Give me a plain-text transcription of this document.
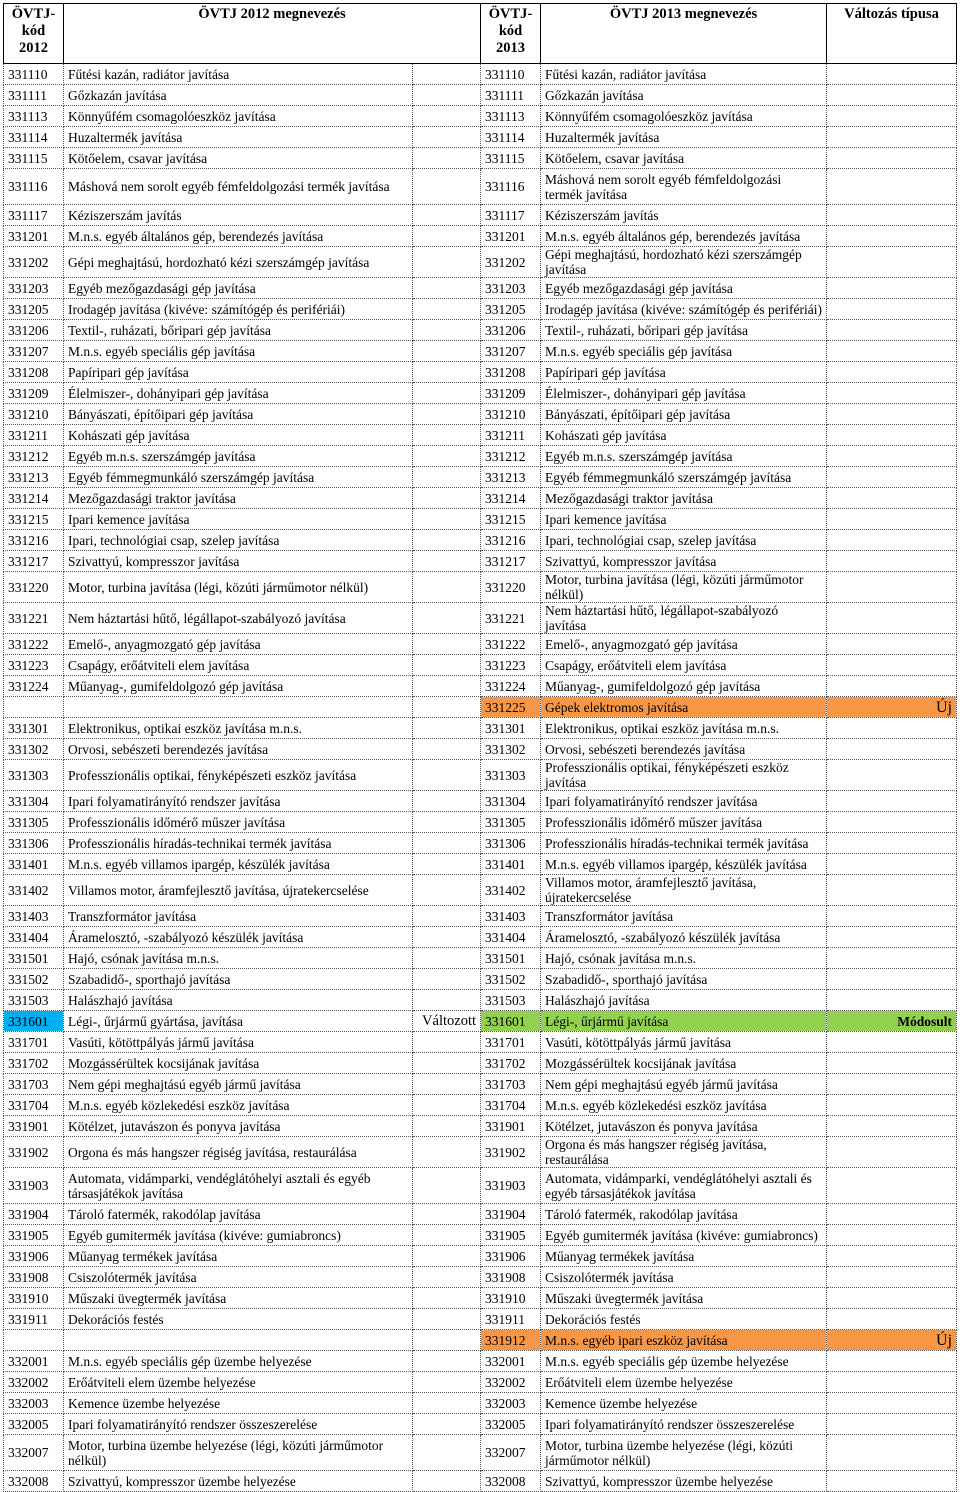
ÖVTJ-kód 2012	ÖVTJ 2012 megnevezés		ÖVTJ-kód 2013	ÖVTJ 2013 megnevezés	Változás típusa
331110	Fűtési kazán, radiátor javítása		331110	Fűtési kazán, radiátor javítása	
331111	Gőzkazán javítása		331111	Gőzkazán javítása	
331113	Könnyűfém csomagolóeszköz javítása		331113	Könnyűfém csomagolóeszköz javítása	
331114	Huzaltermék javítása		331114	Huzaltermék javítása	
331115	Kötőelem, csavar javítása		331115	Kötőelem, csavar javítása	
331116	Máshová nem sorolt egyéb fémfeldolgozási termék javítása		331116	Máshová nem sorolt egyéb fémfeldolgozási termék javítása	
331117	Kéziszerszám javítás		331117	Kéziszerszám javítás	
331201	M.n.s. egyéb általános gép, berendezés javítása		331201	M.n.s. egyéb általános gép, berendezés javítása	
331202	Gépi meghajtású, hordozható kézi szerszámgép javítása		331202	Gépi meghajtású, hordozható kézi szerszámgép javítása	
331203	Egyéb mezőgazdasági gép javítása		331203	Egyéb mezőgazdasági gép javítása	
331205	Irodagép javítása (kivéve: számítógép és perifériái)		331205	Irodagép javítása (kivéve: számítógép és perifériái)	
331206	Textil-, ruházati, bőripari gép javítása		331206	Textil-, ruházati, bőripari gép javítása	
331207	M.n.s. egyéb speciális gép javítása		331207	M.n.s. egyéb speciális gép javítása	
331208	Papíripari gép javítása		331208	Papíripari gép javítása	
331209	Élelmiszer-, dohányipari gép javítása		331209	Élelmiszer-, dohányipari gép javítása	
331210	Bányászati, építőipari gép javítása		331210	Bányászati, építőipari gép javítása	
331211	Kohászati gép javítása		331211	Kohászati gép javítása	
331212	Egyéb m.n.s. szerszámgép javítása		331212	Egyéb m.n.s. szerszámgép javítása	
331213	Egyéb fémmegmunkáló szerszámgép javítása		331213	Egyéb fémmegmunkáló szerszámgép javítása	
331214	Mezőgazdasági traktor javítása		331214	Mezőgazdasági traktor javítása	
331215	Ipari kemence javítása		331215	Ipari kemence javítása	
331216	Ipari, technológiai csap, szelep javítása		331216	Ipari, technológiai csap, szelep javítása	
331217	Szivattyú, kompresszor javítása		331217	Szivattyú, kompresszor javítása	
331220	Motor, turbina javítása (légi, közúti járműmotor nélkül)		331220	Motor, turbina javítása (légi, közúti járműmotor nélkül)	
331221	Nem háztartási hűtő, légállapot-szabályozó javítása		331221	Nem háztartási hűtő, légállapot-szabályozó javítása	
331222	Emelő-, anyagmozgató gép javítása		331222	Emelő-, anyagmozgató gép javítása	
331223	Csapágy, erőátviteli elem javítása		331223	Csapágy, erőátviteli elem javítása	
331224	Műanyag-, gumifeldolgozó gép javítása		331224	Műanyag-, gumifeldolgozó gép javítása	
			331225	Gépek elektromos javítása	Új
331301	Elektronikus, optikai eszköz javítása m.n.s.		331301	Elektronikus, optikai eszköz javítása m.n.s.	
331302	Orvosi, sebészeti berendezés javítása		331302	Orvosi, sebészeti berendezés javítása	
331303	Professzionális optikai, fényképészeti eszköz javítása		331303	Professzionális optikai, fényképészeti eszköz javítása	
331304	Ipari folyamatirányító rendszer javítása		331304	Ipari folyamatirányító rendszer javítása	
331305	Professzionális időmérő műszer javítása		331305	Professzionális időmérő műszer javítása	
331306	Professzionális híradás-technikai termék javítása		331306	Professzionális híradás-technikai termék javítása	
331401	M.n.s. egyéb villamos ipargép, készülék javítása		331401	M.n.s. egyéb villamos ipargép, készülék javítása	
331402	Villamos motor, áramfejlesztő javítása, újratekercselése		331402	Villamos motor, áramfejlesztő javítása, újratekercselése	
331403	Transzformátor javítása		331403	Transzformátor javítása	
331404	Áramelosztó, -szabályozó készülék javítása		331404	Áramelosztó, -szabályozó készülék javítása	
331501	Hajó, csónak javítása m.n.s.		331501	Hajó, csónak javítása m.n.s.	
331502	Szabadidő-, sporthajó javítása		331502	Szabadidő-, sporthajó javítása	
331503	Halászhajó javítása		331503	Halászhajó javítása	
331601	Légi-, űrjármű gyártása, javítása	Változott	331601	Légi-, űrjármű javítása	Módosult
331701	Vasúti, kötöttpályás jármű javítása		331701	Vasúti, kötöttpályás jármű javítása	
331702	Mozgássérültek kocsijának javítása		331702	Mozgássérültek kocsijának javítása	
331703	Nem gépi meghajtású egyéb jármű javítása		331703	Nem gépi meghajtású egyéb jármű javítása	
331704	M.n.s. egyéb közlekedési eszköz javítása		331704	M.n.s. egyéb közlekedési eszköz javítása	
331901	Kötélzet, jutavászon és ponyva javítása		331901	Kötélzet, jutavászon és ponyva javítása	
331902	Orgona és más hangszer régiség javítása, restaurálása		331902	Orgona és más hangszer régiség javítása, restaurálása	
331903	Automata, vidámparki, vendéglátóhelyi asztali és egyéb társasjátékok javítása		331903	Automata, vidámparki, vendéglátóhelyi asztali és egyéb társasjátékok javítása	
331904	Tároló fatermék, rakodólap javítása		331904	Tároló fatermék, rakodólap javítása	
331905	Egyéb gumitermék javítása (kivéve: gumiabroncs)		331905	Egyéb gumitermék javítása (kivéve: gumiabroncs)	
331906	Műanyag termékek javítása		331906	Műanyag termékek javítása	
331908	Csiszolótermék javítása		331908	Csiszolótermék javítása	
331910	Műszaki üvegtermék javítása		331910	Műszaki üvegtermék javítása	
331911	Dekorációs festés		331911	Dekorációs festés	
			331912	M.n.s. egyéb ipari eszköz javítása	Új
332001	M.n.s. egyéb speciális gép üzembe helyezése		332001	M.n.s. egyéb speciális gép üzembe helyezése	
332002	Erőátviteli elem üzembe helyezése		332002	Erőátviteli elem üzembe helyezése	
332003	Kemence üzembe helyezése		332003	Kemence üzembe helyezése	
332005	Ipari folyamatirányító rendszer összeszerelése		332005	Ipari folyamatirányító rendszer összeszerelése	
332007	Motor, turbina üzembe helyezése (légi, közúti járműmotor nélkül)		332007	Motor, turbina üzembe helyezése (légi, közúti járműmotor nélkül)	
332008	Szivattyú, kompresszor üzembe helyezése		332008	Szivattyú, kompresszor üzembe helyezése	
